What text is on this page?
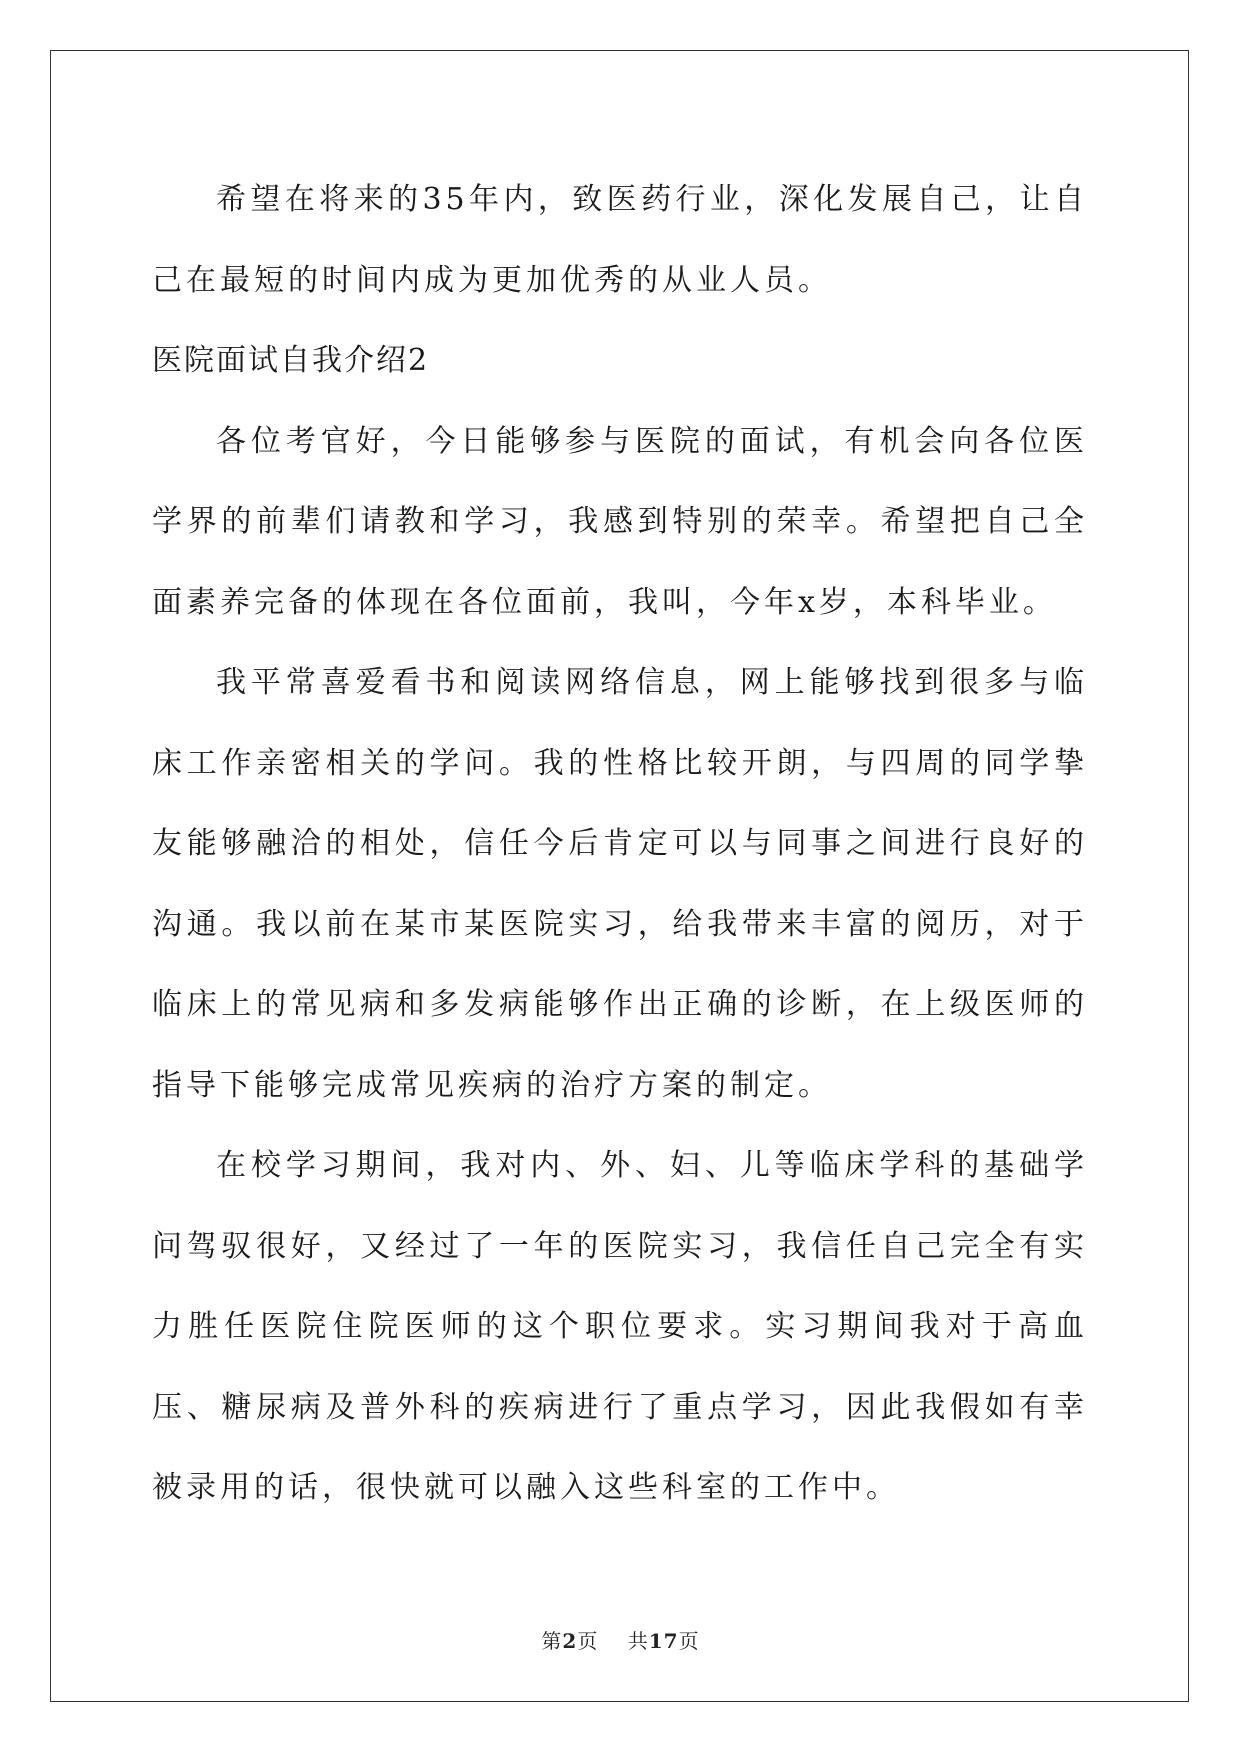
希望在将来的35年内，致医药行业，深化发展自己，让自己在最短的时间内成为更加优秀的从业人员。

医院面试自我介绍2

各位考官好，今日能够参与医院的面试，有机会向各位医学界的前辈们请教和学习，我感到特别的荣幸。希望把自己全面素养完备的体现在各位面前，我叫，今年x岁，本科毕业。

我平常喜爱看书和阅读网络信息，网上能够找到很多与临床工作亲密相关的学问。我的性格比较开朗，与四周的同学挚友能够融洽的相处，信任今后肯定可以与同事之间进行良好的沟通。我以前在某市某医院实习，给我带来丰富的阅历，对于临床上的常见病和多发病能够作出正确的诊断，在上级医师的指导下能够完成常见疾病的治疗方案的制定。

在校学习期间，我对内、外、妇、儿等临床学科的基础学问驾驭很好，又经过了一年的医院实习，我信任自己完全有实力胜任医院住院医师的这个职位要求。实习期间我对于高血压、糖尿病及普外科的疾病进行了重点学习，因此我假如有幸被录用的话，很快就可以融入这些科室的工作中。

第2页 共17页
